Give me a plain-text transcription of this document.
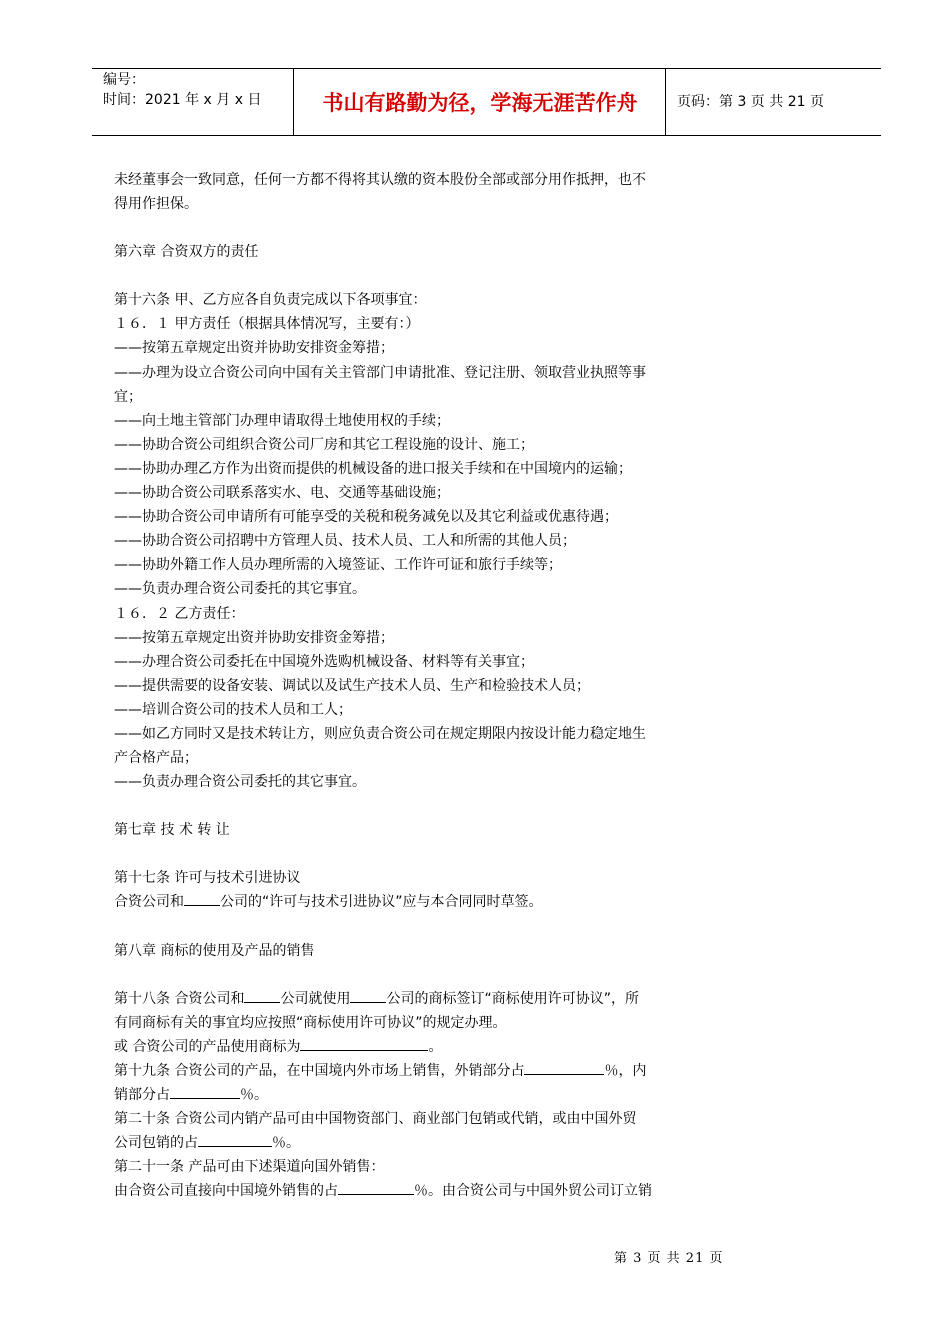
编号：
时间：2021 年 x 月 x 日	书山有路勤为径，学海无涯苦作舟	页码：第 3 页 共 21 页

未经董事会一致同意，任何一方都不得将其认缴的资本股份全部或部分用作抵押，也不

得用作担保。

第六章 合资双方的责任

第十六条 甲、乙方应各自负责完成以下各项事宜：

１６．１ 甲方责任（根据具体情况写，主要有：）

——按第五章规定出资并协助安排资金筹措；

——办理为设立合资公司向中国有关主管部门申请批准、登记注册、领取营业执照等事

宜；

——向土地主管部门办理申请取得土地使用权的手续；

——协助合资公司组织合资公司厂房和其它工程设施的设计、施工；

——协助办理乙方作为出资而提供的机械设备的进口报关手续和在中国境内的运输；

——协助合资公司联系落实水、电、交通等基础设施；

——协助合资公司申请所有可能享受的关税和税务减免以及其它利益或优惠待遇；

——协助合资公司招聘中方管理人员、技术人员、工人和所需的其他人员；

——协助外籍工作人员办理所需的入境签证、工作许可证和旅行手续等；

——负责办理合资公司委托的其它事宜。

１６．２ 乙方责任：

——按第五章规定出资并协助安排资金筹措；

——办理合资公司委托在中国境外选购机械设备、材料等有关事宜；

——提供需要的设备安装、调试以及试生产技术人员、生产和检验技术人员；

——培训合资公司的技术人员和工人；

——如乙方同时又是技术转让方，则应负责合资公司在规定期限内按设计能力稳定地生

产合格产品；

——负责办理合资公司委托的其它事宜。

第七章 技 术 转 让

第十七条 许可与技术引进协议

合资公司和	公司的“许可与技术引进协议”应与本合同同时草签。

第八章 商标的使用及产品的销售

第十八条 合资公司和	公司就使用	公司的商标签订“商标使用许可协议”，所

有同商标有关的事宜均应按照“商标使用许可协议”的规定办理。

或 合资公司的产品使用商标为	。

第十九条 合资公司的产品，在中国境内外市场上销售，外销部分占	％，内

销部分占	％。

第二十条 合资公司内销产品可由中国物资部门、商业部门包销或代销，或由中国外贸

公司包销的占	％。

第二十一条 产品可由下述渠道向国外销售：

由合资公司直接向中国境外销售的占	％。由合资公司与中国外贸公司订立销

第 3 页 共 21 页
